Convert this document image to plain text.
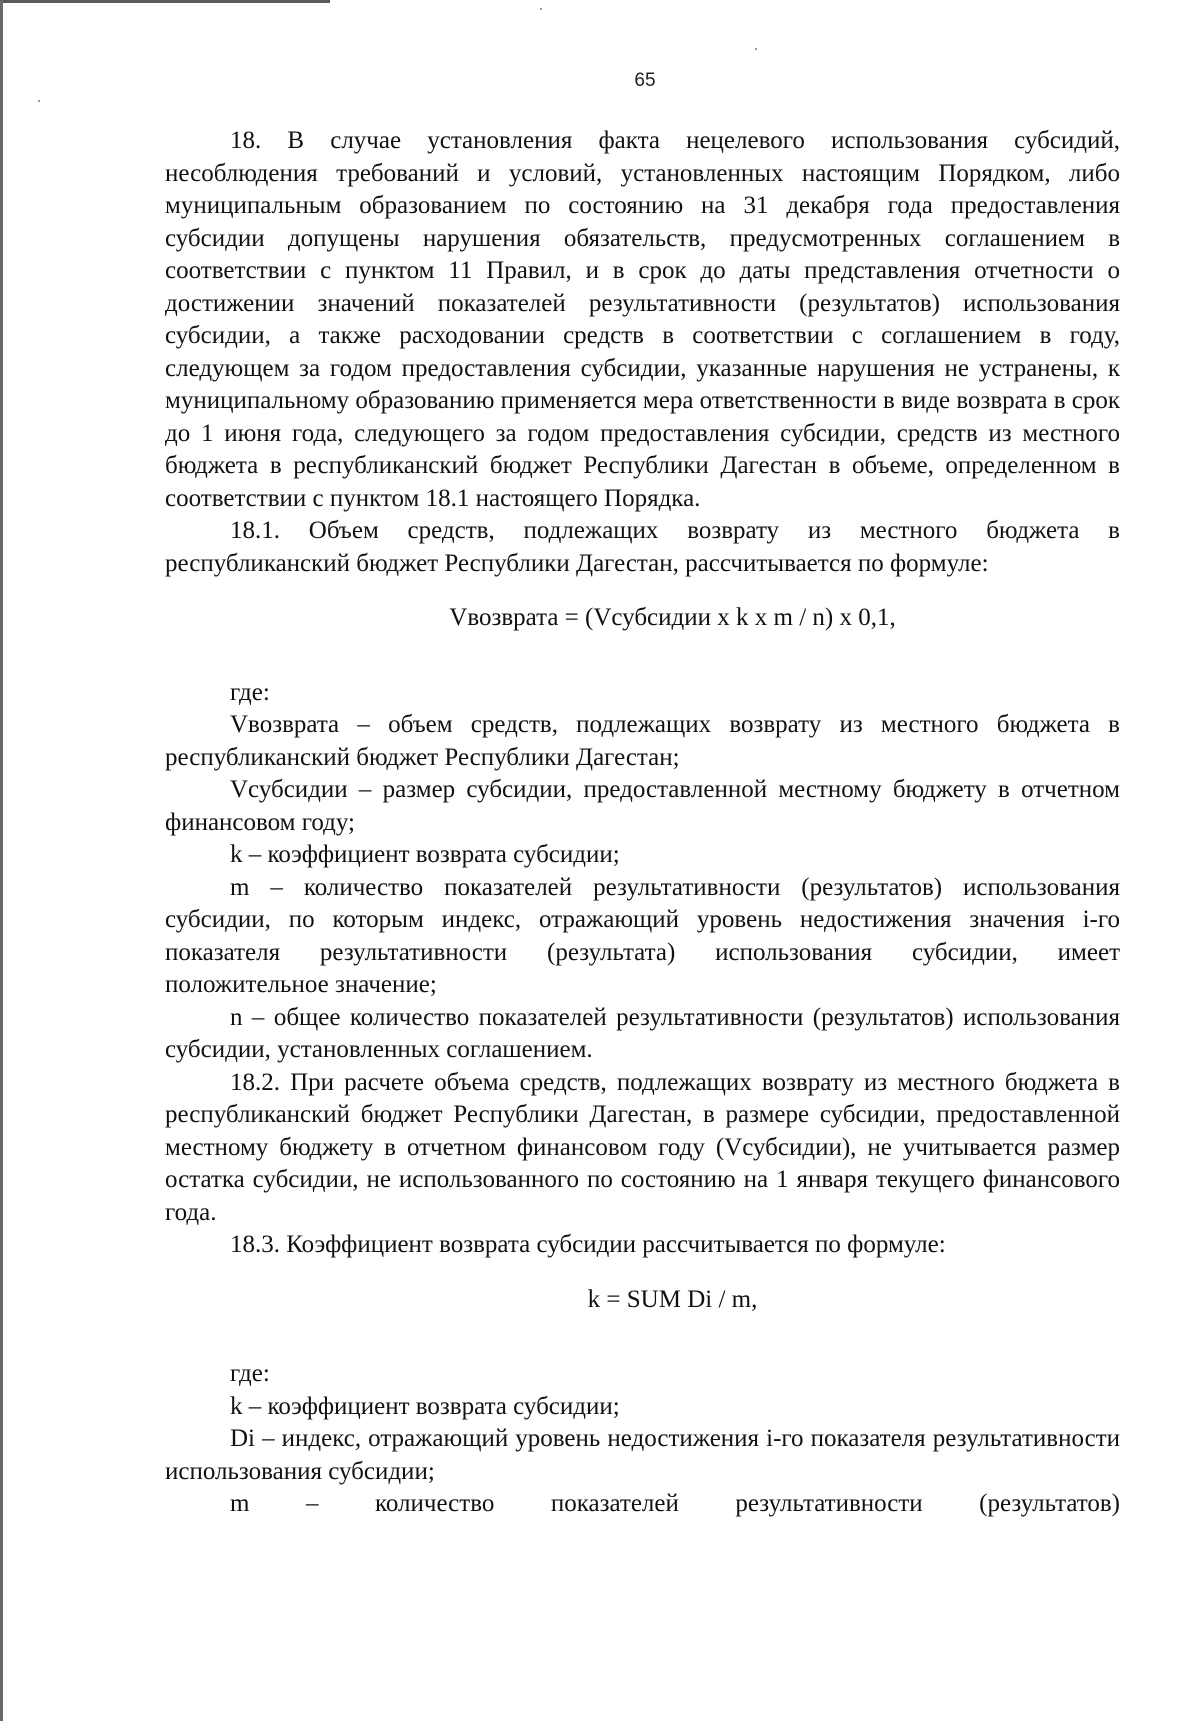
65

18. В случае установления факта нецелевого использования субсидий, несоблюдения требований и условий, установленных настоящим Порядком, либо муниципальным образованием по состоянию на 31 декабря года предоставления субсидии допущены нарушения обязательств, предусмотренных соглашением в соответствии с пунктом 11 Правил, и в срок до даты представления отчетности о достижении значений показателей результативности (результатов) использования субсидии, а также расходовании средств в соответствии с соглашением в году, следующем за годом предоставления субсидии, указанные нарушения не устранены, к муниципальному образованию применяется мера ответственности в виде возврата в срок до 1 июня года, следующего за годом предоставления субсидии, средств из местного бюджета в республиканский бюджет Республики Дагестан в объеме, определенном в соответствии с пунктом 18.1 настоящего Порядка.

18.1. Объем средств, подлежащих возврату из местного бюджета в республиканский бюджет Республики Дагестан, рассчитывается по формуле:

Vвозврата = (Vсубсидии x k x m / n) x 0,1,

где:

Vвозврата – объем средств, подлежащих возврату из местного бюджета в республиканский бюджет Республики Дагестан;

Vсубсидии – размер субсидии, предоставленной местному бюджету в отчетном финансовом году;

k – коэффициент возврата субсидии;

m – количество показателей результативности (результатов) использования субсидии, по которым индекс, отражающий уровень недостижения значения i-го показателя результативности (результата) использования субсидии, имеет положительное значение;

n – общее количество показателей результативности (результатов) использования субсидии, установленных соглашением.

18.2. При расчете объема средств, подлежащих возврату из местного бюджета в республиканский бюджет Республики Дагестан, в размере субсидии, предоставленной местному бюджету в отчетном финансовом году (Vсубсидии), не учитывается размер остатка субсидии, не использованного по состоянию на 1 января текущего финансового года.

18.3. Коэффициент возврата субсидии рассчитывается по формуле:

k = SUM Di / m,

где:

k – коэффициент возврата субсидии;

Di – индекс, отражающий уровень недостижения i-го показателя результативности использования субсидии;

m – количество показателей результативности (результатов)
